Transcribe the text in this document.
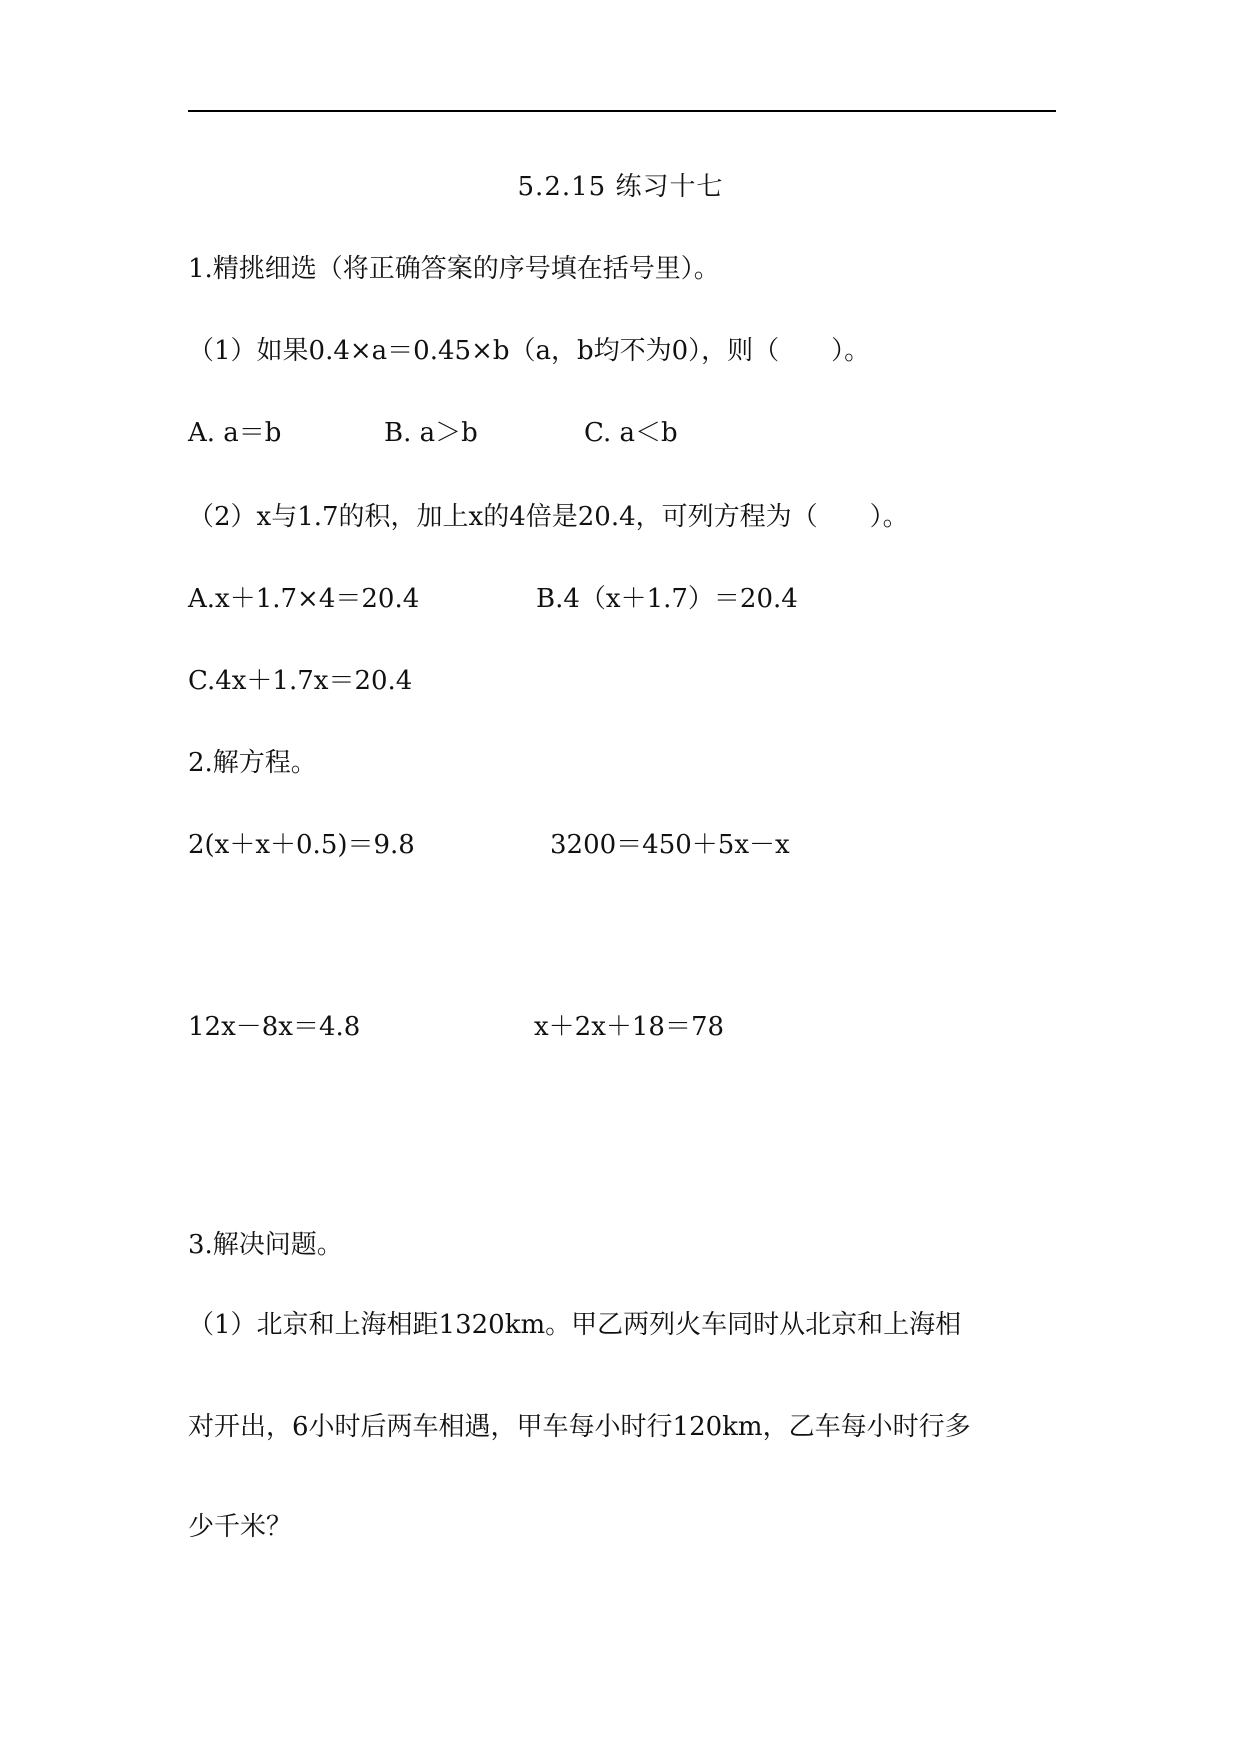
5.2.15 练习十七
1.精挑细选（将正确答案的序号填在括号里）。
（1）如果0.4×a＝0.45×b（a，b均不为0），则（　　）。
A. a＝b	B. a＞b	C. a＜b
（2）x与1.7的积，加上x的4倍是20.4，可列方程为（　　）。
A.x＋1.7×4＝20.4	B.4（x＋1.7）＝20.4
C.4x＋1.7x＝20.4
2.解方程。
2(x＋x＋0.5)＝9.8	3200＝450＋5x－x
12x－8x＝4.8	x＋2x＋18＝78
3.解决问题。
（1）北京和上海相距1320km。甲乙两列火车同时从北京和上海相
对开出，6小时后两车相遇，甲车每小时行120km，乙车每小时行多
少千米？
